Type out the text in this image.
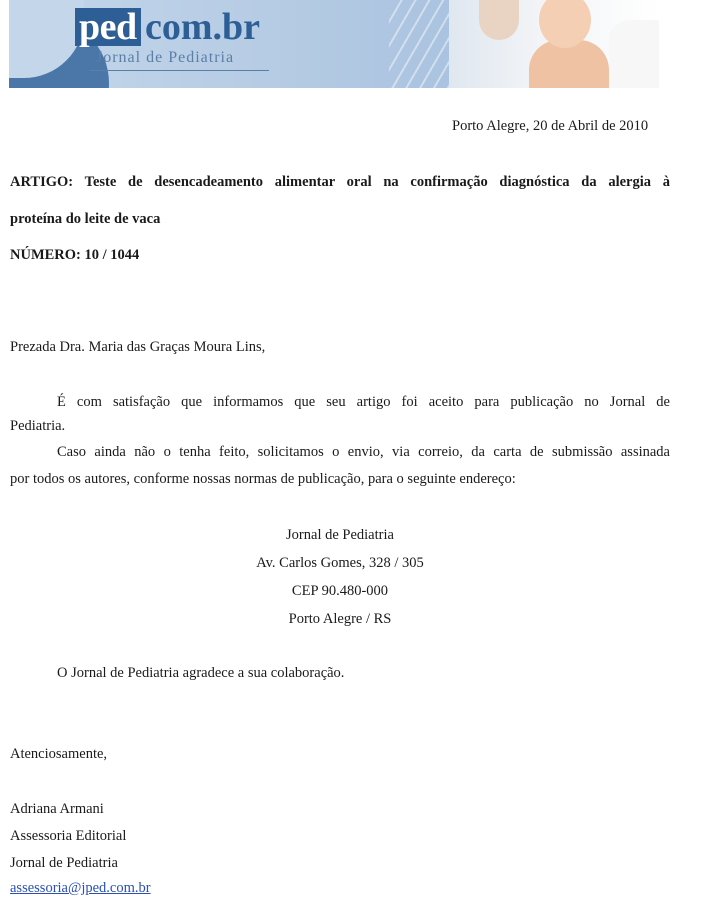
ped com.br
Jornal de Pediatria
Porto Alegre, 20 de Abril de 2010
ARTIGO: Teste de desencadeamento alimentar oral na confirmação diagnóstica da alergia à
proteína do leite de vaca
NÚMERO: 10 / 1044
Prezada Dra. Maria das Graças Moura Lins,
É com satisfação que informamos que seu artigo foi aceito para publicação no Jornal de
Pediatria.
Caso ainda não o tenha feito, solicitamos o envio, via correio, da carta de submissão assinada
por todos os autores, conforme nossas normas de publicação, para o seguinte endereço:
Jornal de Pediatria
Av. Carlos Gomes, 328 / 305
CEP 90.480-000
Porto Alegre / RS
O Jornal de Pediatria agradece a sua colaboração.
Atenciosamente,
Adriana Armani
Assessoria Editorial
Jornal de Pediatria
assessoria@jped.com.br
